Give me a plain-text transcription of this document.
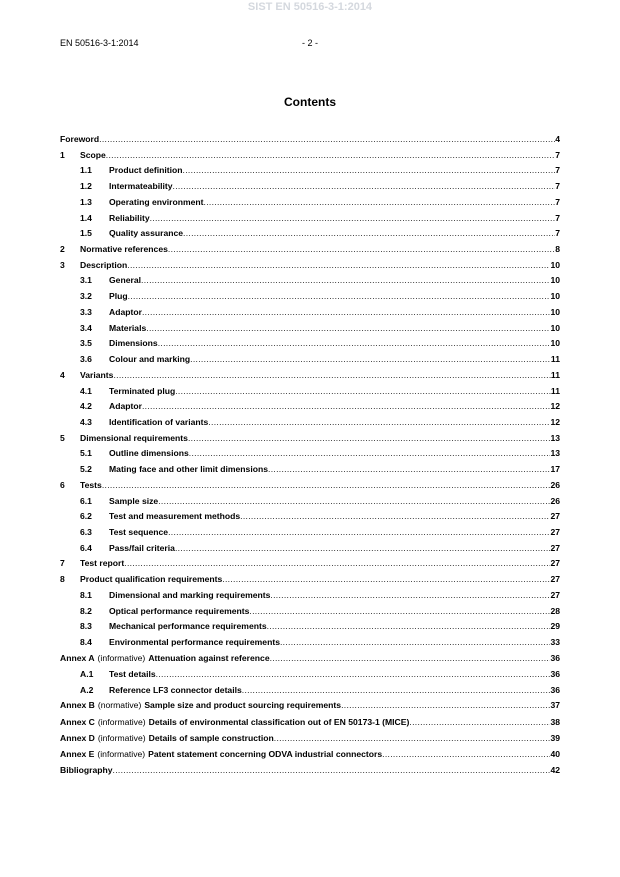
SIST EN 50516-3-1:2014
EN 50516-3-1:2014	- 2 -
Contents
Foreword .....	4
1	Scope .....	7
1.1	Product definition .....	7
1.2	Intermateability .....	7
1.3	Operating environment .....	7
1.4	Reliability .....	7
1.5	Quality assurance .....	7
2	Normative references .....	8
3	Description .....	10
3.1	General .....	10
3.2	Plug .....	10
3.3	Adaptor .....	10
3.4	Materials .....	10
3.5	Dimensions .....	10
3.6	Colour and marking .....	11
4	Variants .....	11
4.1	Terminated plug .....	11
4.2	Adaptor .....	12
4.3	Identification of variants .....	12
5	Dimensional requirements .....	13
5.1	Outline dimensions .....	13
5.2	Mating face and other limit dimensions .....	17
6	Tests .....	26
6.1	Sample size .....	26
6.2	Test and measurement methods .....	27
6.3	Test sequence .....	27
6.4	Pass/fail criteria .....	27
7	Test report .....	27
8	Product qualification requirements .....	27
8.1	Dimensional and marking requirements .....	27
8.2	Optical performance requirements .....	28
8.3	Mechanical performance requirements .....	29
8.4	Environmental performance requirements .....	33
Annex A (informative) Attenuation against reference .....	36
A.1	Test details .....	36
A.2	Reference LF3 connector details .....	36
Annex B (normative) Sample size and product sourcing requirements .....	37
Annex C (informative) Details of environmental classification out of EN 50173-1 (MICE) .....	38
Annex D (informative) Details of sample construction .....	39
Annex E (informative) Patent statement concerning ODVA industrial connectors .....	40
Bibliography .....	42
